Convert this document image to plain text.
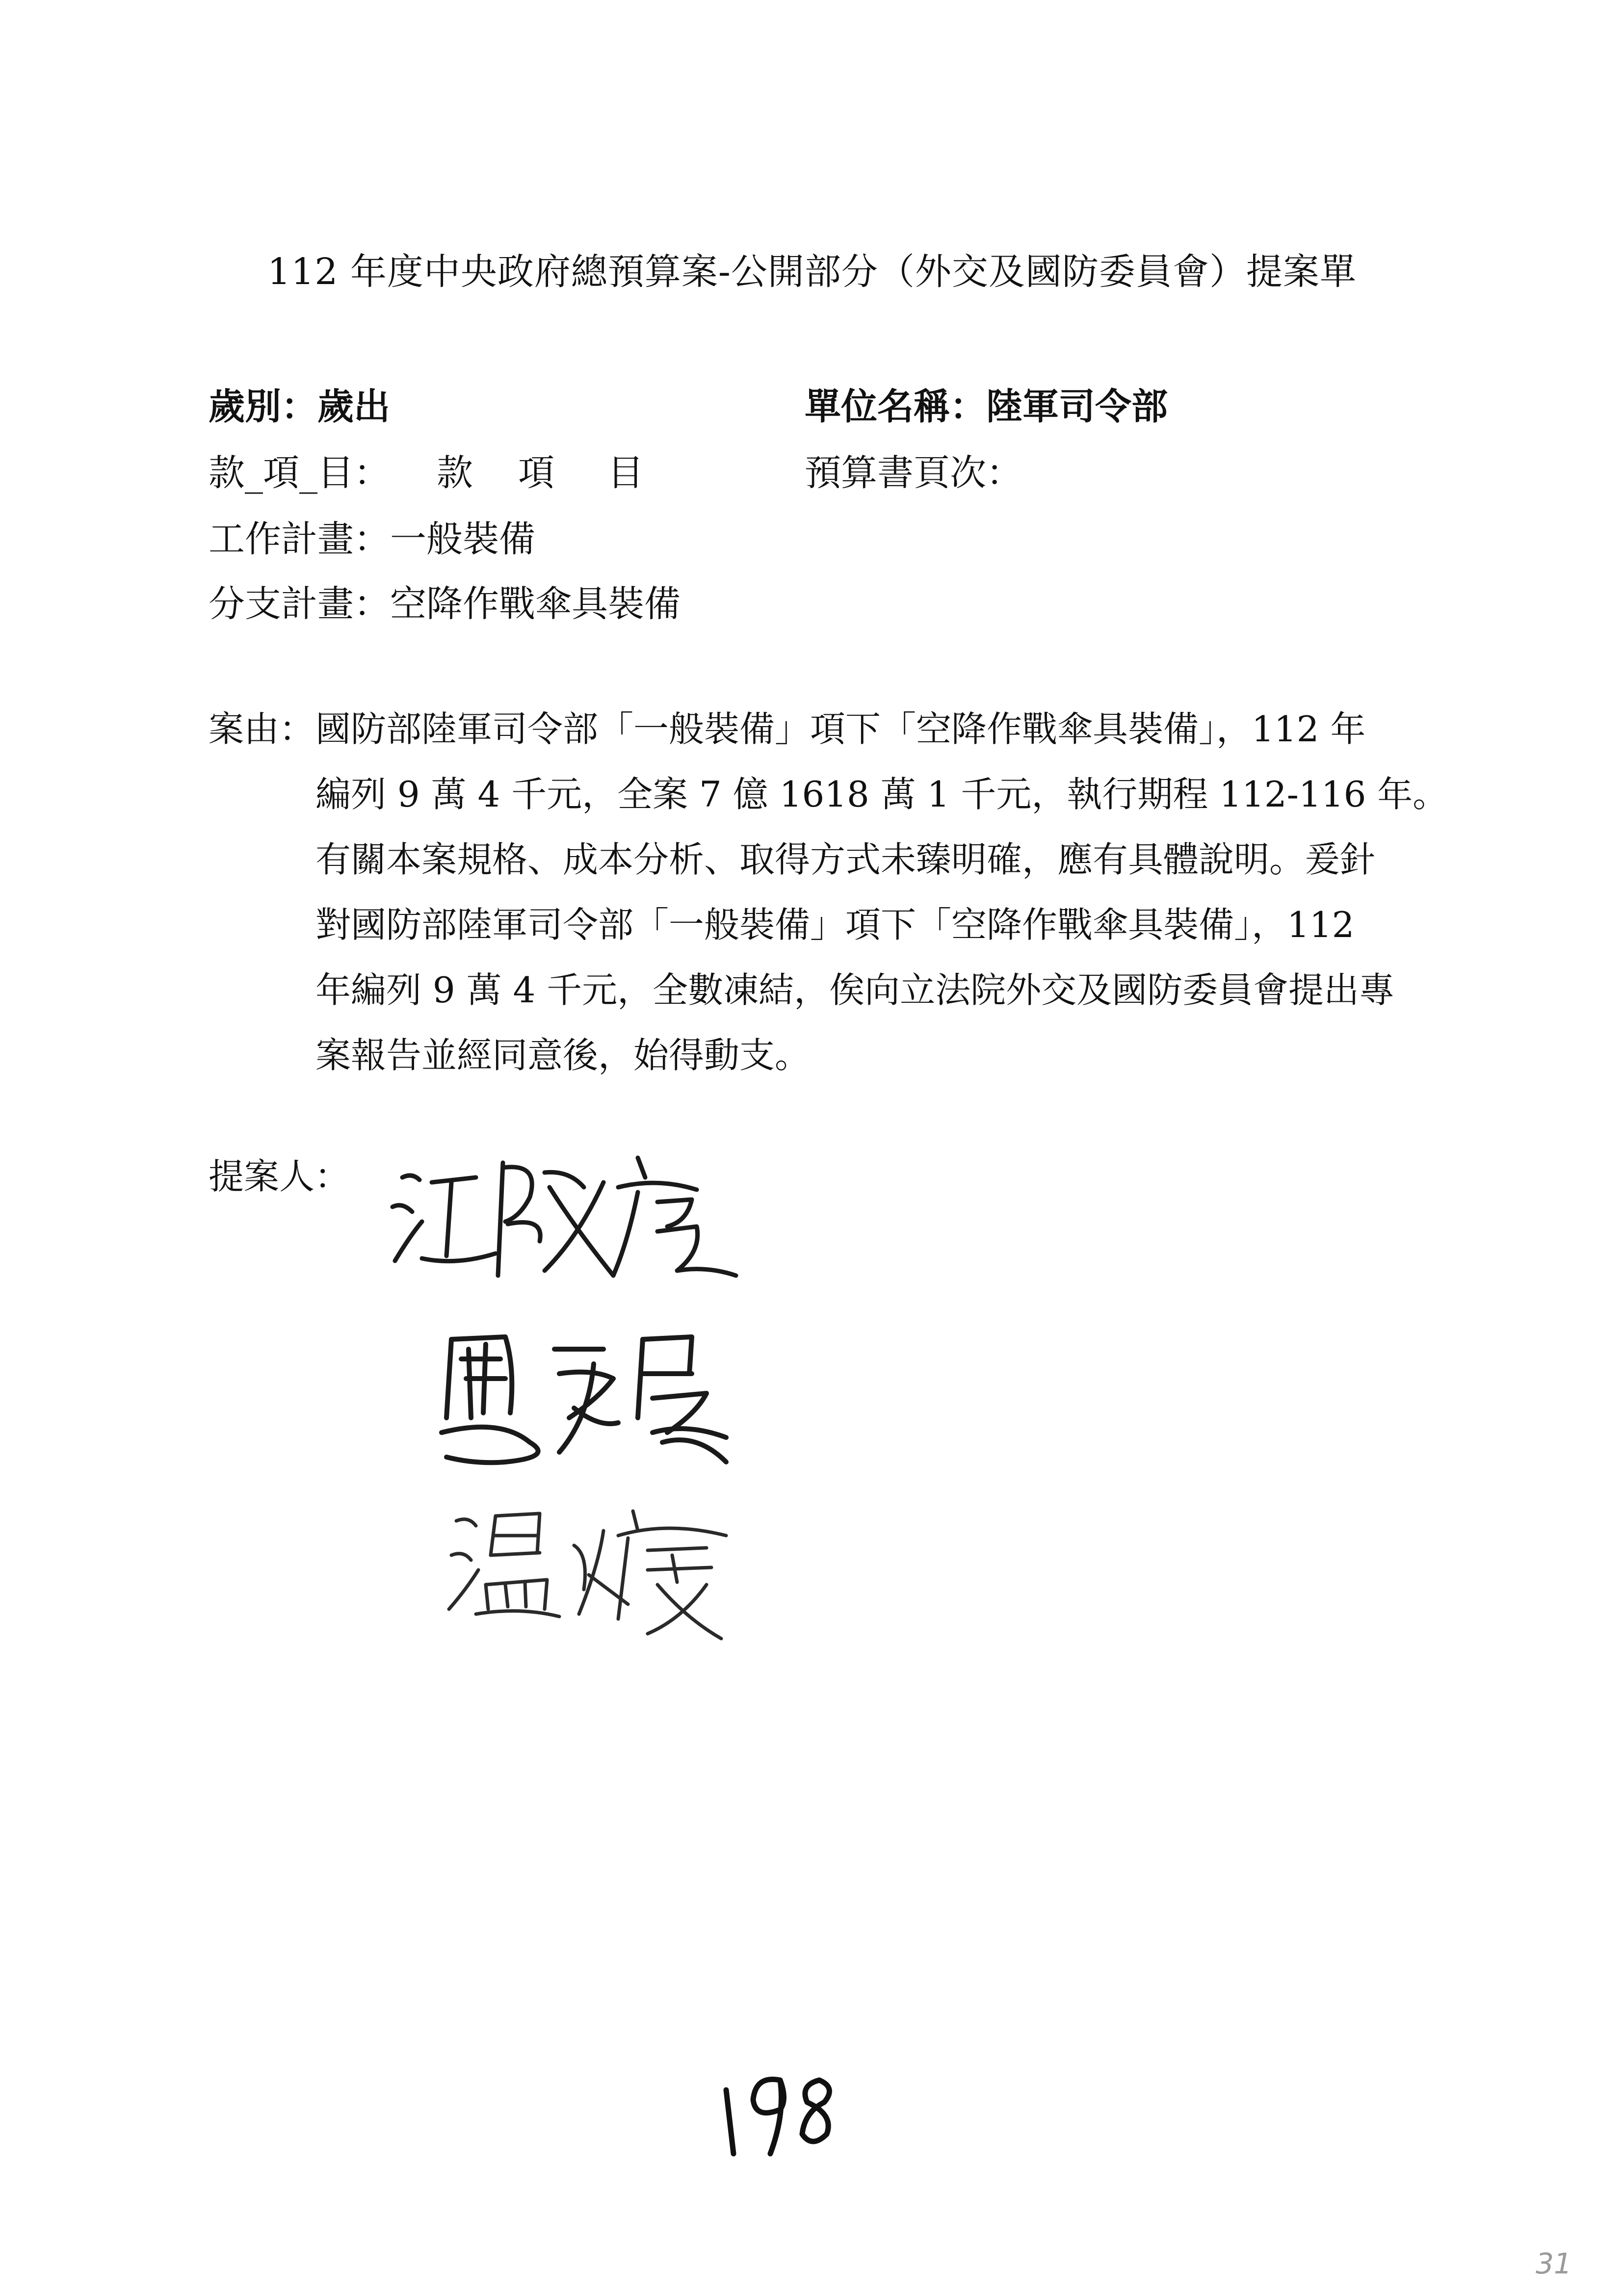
112 年度中央政府總預算案-公開部分（外交及國防委員會）提案單
歲別：歲出	單位名稱：陸軍司令部
款_項_目： 款 項 目	預算書頁次：
工作計畫：一般裝備
分支計畫：空降作戰傘具裝備
案由： 國防部陸軍司令部「一般裝備」項下「空降作戰傘具裝備」，112 年
編列 9 萬 4 千元，全案 7 億 1618 萬 1 千元，執行期程 112-116 年。
有關本案規格、成本分析、取得方式未臻明確，應有具體說明。爰針
對國防部陸軍司令部「一般裝備」項下「空降作戰傘具裝備」，112
年編列 9 萬 4 千元，全數凍結，俟向立法院外交及國防委員會提出專
案報告並經同意後，始得動支。
提案人：
31
